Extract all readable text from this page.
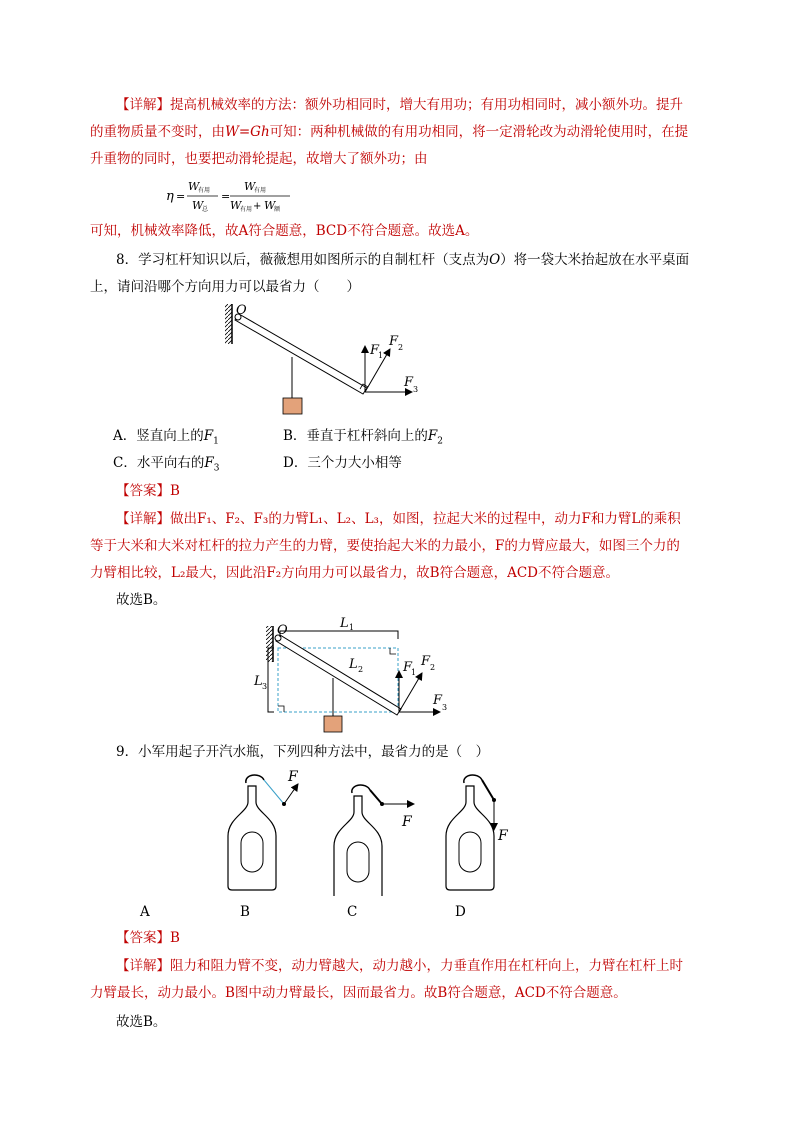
【详解】提高机械效率的方法：额外功相同时，增大有用功；有用功相同时，减小额外功。提升
的重物质量不变时，由W=Gh可知：两种机械做的有用功相同，将一定滑轮改为动滑轮使用时，在提
升重物的同时，也要把动滑轮提起，故增大了额外功；由
η =
W
有用
W
总
=
W
有用
W
有用 + W
额
可知，机械效率降低，故A符合题意，BCD不符合题意。故选A。
8．学习杠杆知识以后，薇薇想用如图所示的自制杠杆（支点为O）将一袋大米抬起放在水平桌面
上，请问沿哪个方向用力可以最省力（　　）
O
F
1
F 2
F 3
A．竖直向上的$F_1$	B．垂直于杠杆斜向上的$F_2$
C．水平向右的$F_3$	D．三个力大小相等
【答案】B
【详解】做出F₁、F₂、F₃的力臂L₁、L₂、L₃，如图，拉起大米的过程中，动力F和力臂L的乘积
等于大米和大米对杠杆的拉力产生的力臂，要使抬起大米的力最小，F的力臂应最大，如图三个力的
力臂相比较，L₂最大，因此沿F₂方向用力可以最省力，故B符合题意，ACD不符合题意。
故选B。
O	L 1
L 3
L 2	F
1
F 2
F 3
9．小军用起子开汽水瓶，下列四种方法中，最省力的是（　）
F
F
F
A	B	C	D
【答案】B
【详解】阻力和阻力臂不变，动力臂越大，动力越小，力垂直作用在杠杆向上，力臂在杠杆上时
力臂最长，动力最小。B图中动力臂最长，因而最省力。故B符合题意，ACD不符合题意。
故选B。
